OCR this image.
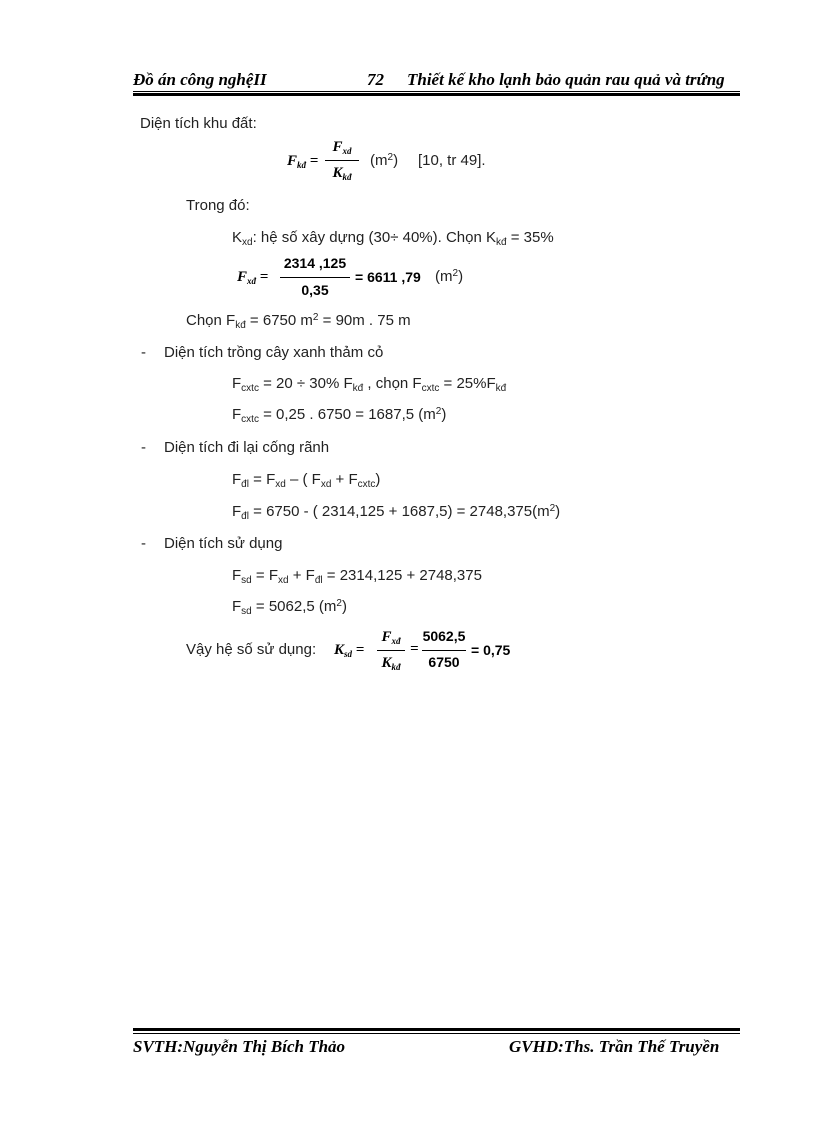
Đồ án công nghệII	72 Thiết kế kho lạnh bảo quản rau quả và trứng
Diện tích khu đất:
Fkđ =
Fxd
Kkđ
$(m^2)$ [10, tr 49].
Trong đó:
$K_{xd}$: hệ số xây dựng (30÷ 40%). Chọn $K_{kđ} = 35\%$
Fxđ =
2314 ,125
0,35
= 6611 ,79 $(m^2)$
Chọn $F_{kđ} = 6750$ $m^2 = 90m$ . 75 m
- Diện tích trồng cây xanh thảm cỏ
$F_{cxtc} = 20 \div 30\%$ $F_{kđ}$ , chọn $F_{cxtc} = 25\%F_{kđ}$
$F_{cxtc} = 0,25$ . 6750 = 1687,5 $(m^2)$
- Diện tích đi lại cống rãnh
$F_{đl} = F_{xd}$ – ( $F_{xd} + F_{cxtc}$)
$F_{đl} = 6750$ - ( $2314,125 + 1687,5) = 2748,375(m^2)$
- Diện tích sử dụng
$F_{sd} = F_{xd} + F_{đl} = 2314,125 + 2748,375$
$F_{sd} = 5062,5$ $(m^2)$
Vậy hệ số sử dụng: Ksd =
Fxđ
Kkđ
=
5062,5
6750
= 0,75
SVTH:Nguyễn Thị Bích Thảo	GVHD:Ths. Trần Thế Truyền
